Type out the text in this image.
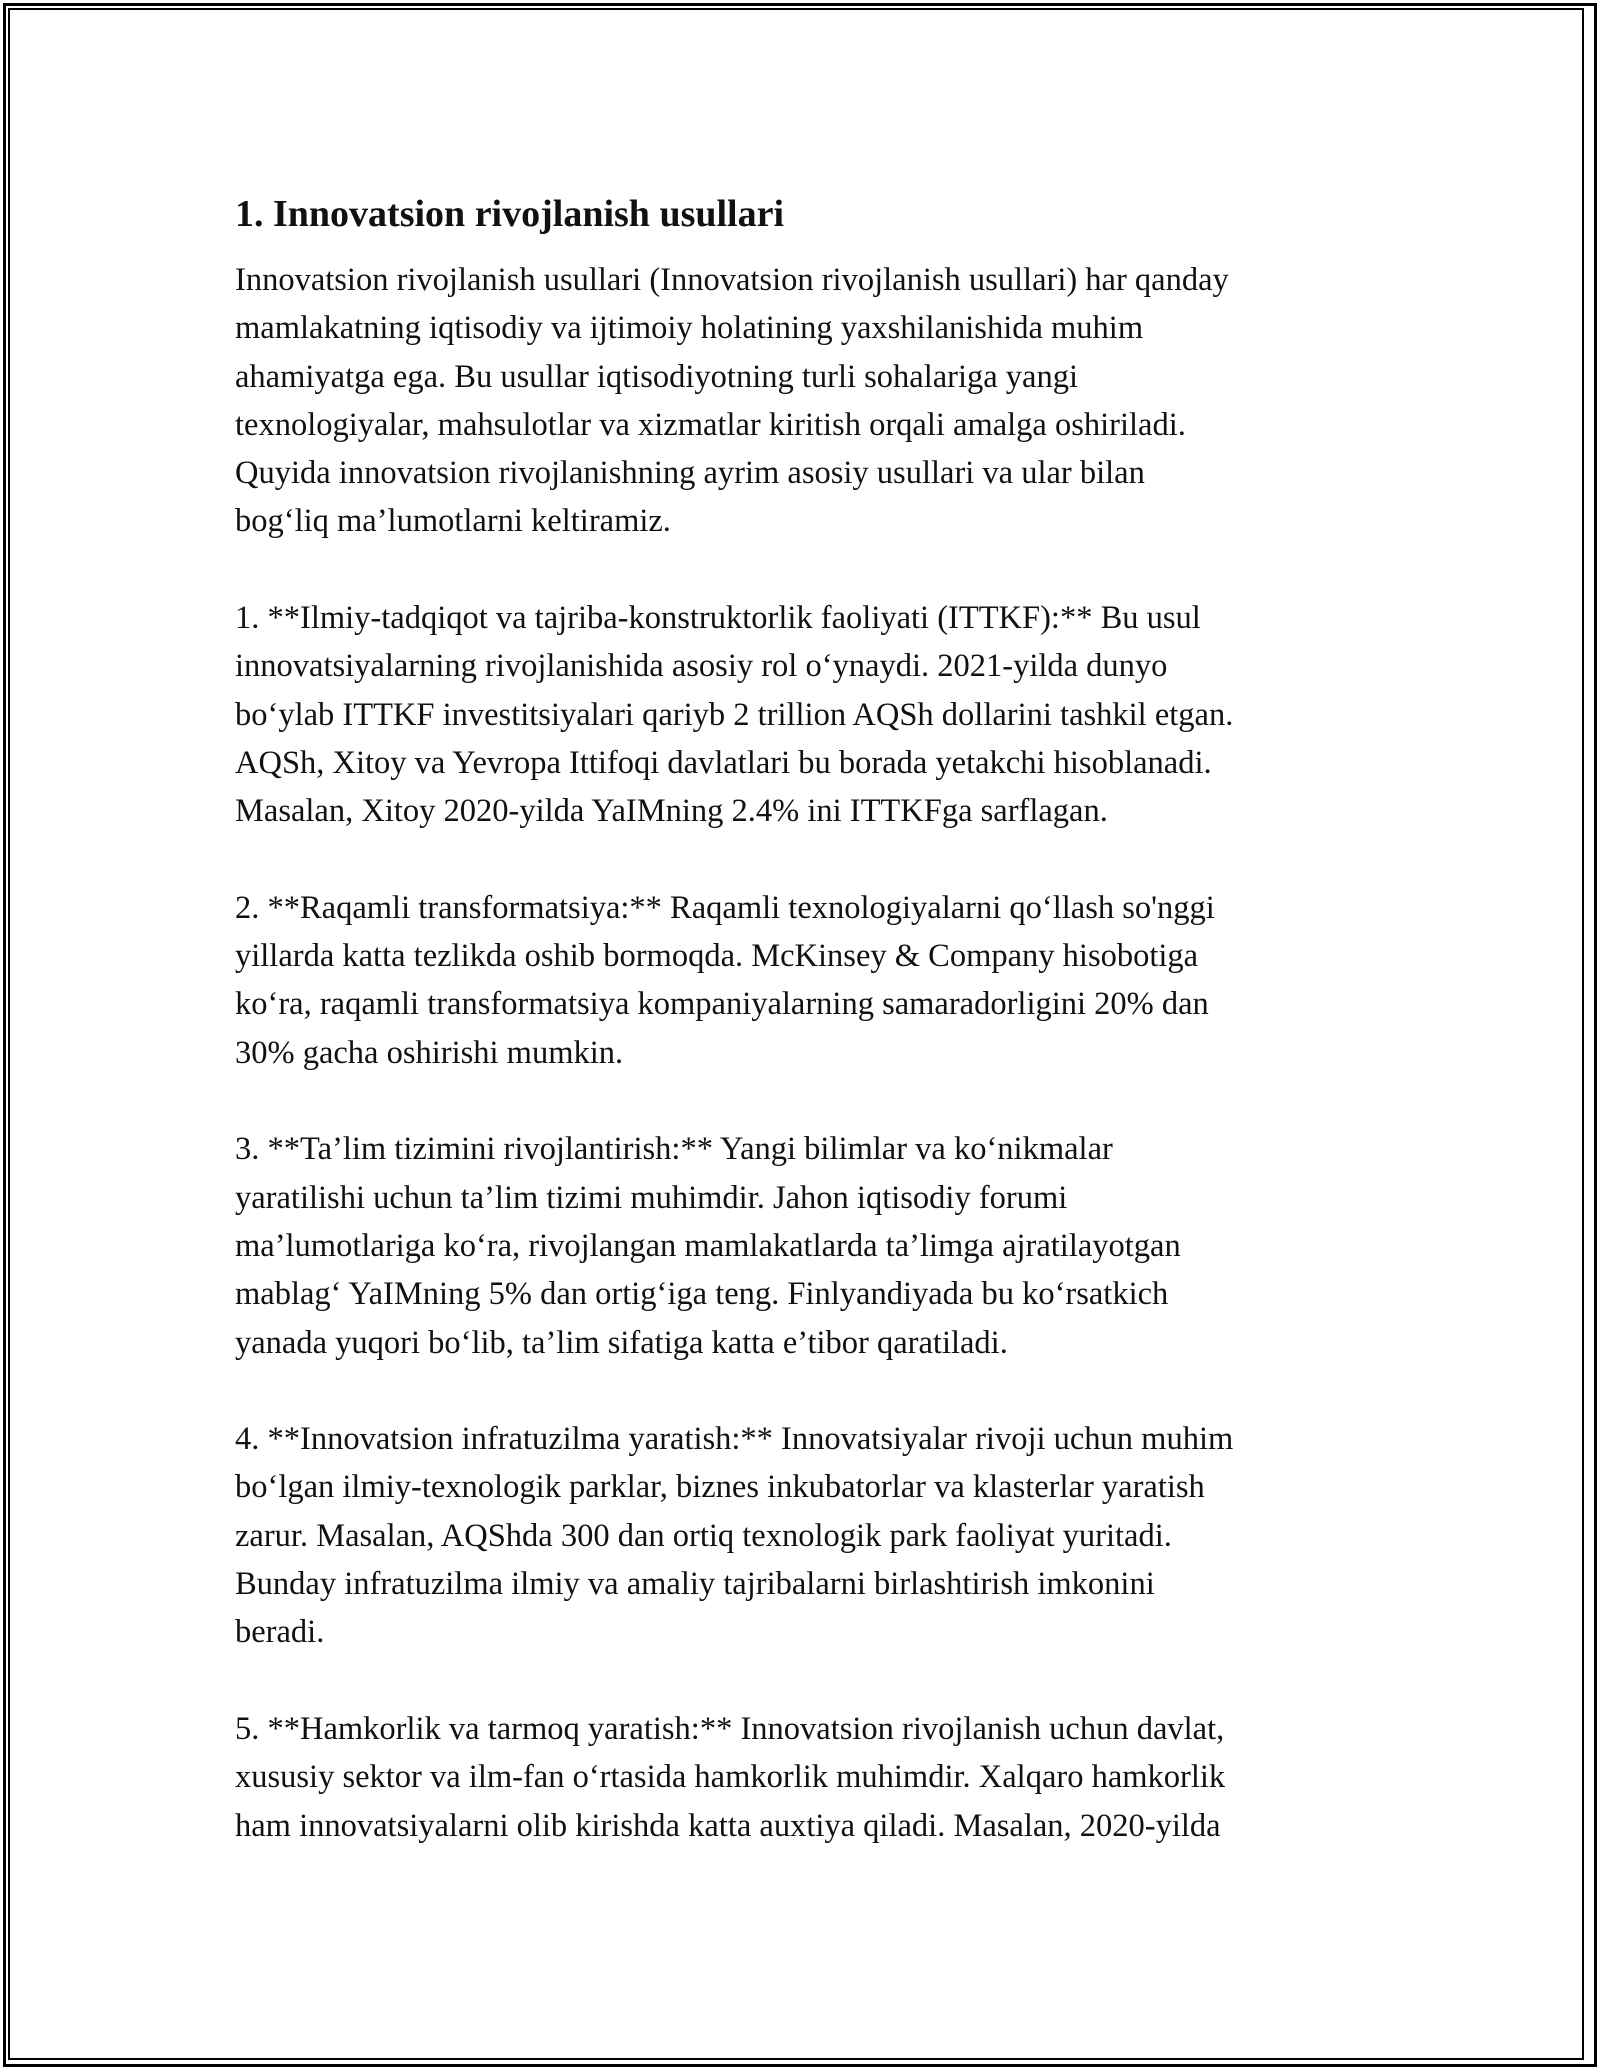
1. Innovatsion rivojlanish usullari

Innovatsion rivojlanish usullari (Innovatsion rivojlanish usullari) har qanday
mamlakatning iqtisodiy va ijtimoiy holatining yaxshilanishida muhim
ahamiyatga ega. Bu usullar iqtisodiyotning turli sohalariga yangi
texnologiyalar, mahsulotlar va xizmatlar kiritish orqali amalga oshiriladi.
Quyida innovatsion rivojlanishning ayrim asosiy usullari va ular bilan
bog‘liq ma’lumotlarni keltiramiz.

1. **Ilmiy-tadqiqot va tajriba-konstruktorlik faoliyati (ITTKF):** Bu usul
innovatsiyalarning rivojlanishida asosiy rol o‘ynaydi. 2021-yilda dunyo
bo‘ylab ITTKF investitsiyalari qariyb 2 trillion AQSh dollarini tashkil etgan.
AQSh, Xitoy va Yevropa Ittifoqi davlatlari bu borada yetakchi hisoblanadi.
Masalan, Xitoy 2020-yilda YaIMning 2.4% ini ITTKFga sarflagan.

2. **Raqamli transformatsiya:** Raqamli texnologiyalarni qo‘llash so'nggi
yillarda katta tezlikda oshib bormoqda. McKinsey & Company hisobotiga
ko‘ra, raqamli transformatsiya kompaniyalarning samaradorligini 20% dan
30% gacha oshirishi mumkin.

3. **Ta’lim tizimini rivojlantirish:** Yangi bilimlar va ko‘nikmalar
yaratilishi uchun ta’lim tizimi muhimdir. Jahon iqtisodiy forumi
ma’lumotlariga ko‘ra, rivojlangan mamlakatlarda ta’limga ajratilayotgan
mablag‘ YaIMning 5% dan ortig‘iga teng. Finlyandiyada bu ko‘rsatkich
yanada yuqori bo‘lib, ta’lim sifatiga katta e’tibor qaratiladi.

4. **Innovatsion infratuzilma yaratish:** Innovatsiyalar rivoji uchun muhim
bo‘lgan ilmiy-texnologik parklar, biznes inkubatorlar va klasterlar yaratish
zarur. Masalan, AQShda 300 dan ortiq texnologik park faoliyat yuritadi.
Bunday infratuzilma ilmiy va amaliy tajribalarni birlashtirish imkonini
beradi.

5. **Hamkorlik va tarmoq yaratish:** Innovatsion rivojlanish uchun davlat,
xususiy sektor va ilm-fan o‘rtasida hamkorlik muhimdir. Xalqaro hamkorlik
ham innovatsiyalarni olib kirishda katta auxtiya qiladi. Masalan, 2020-yilda
